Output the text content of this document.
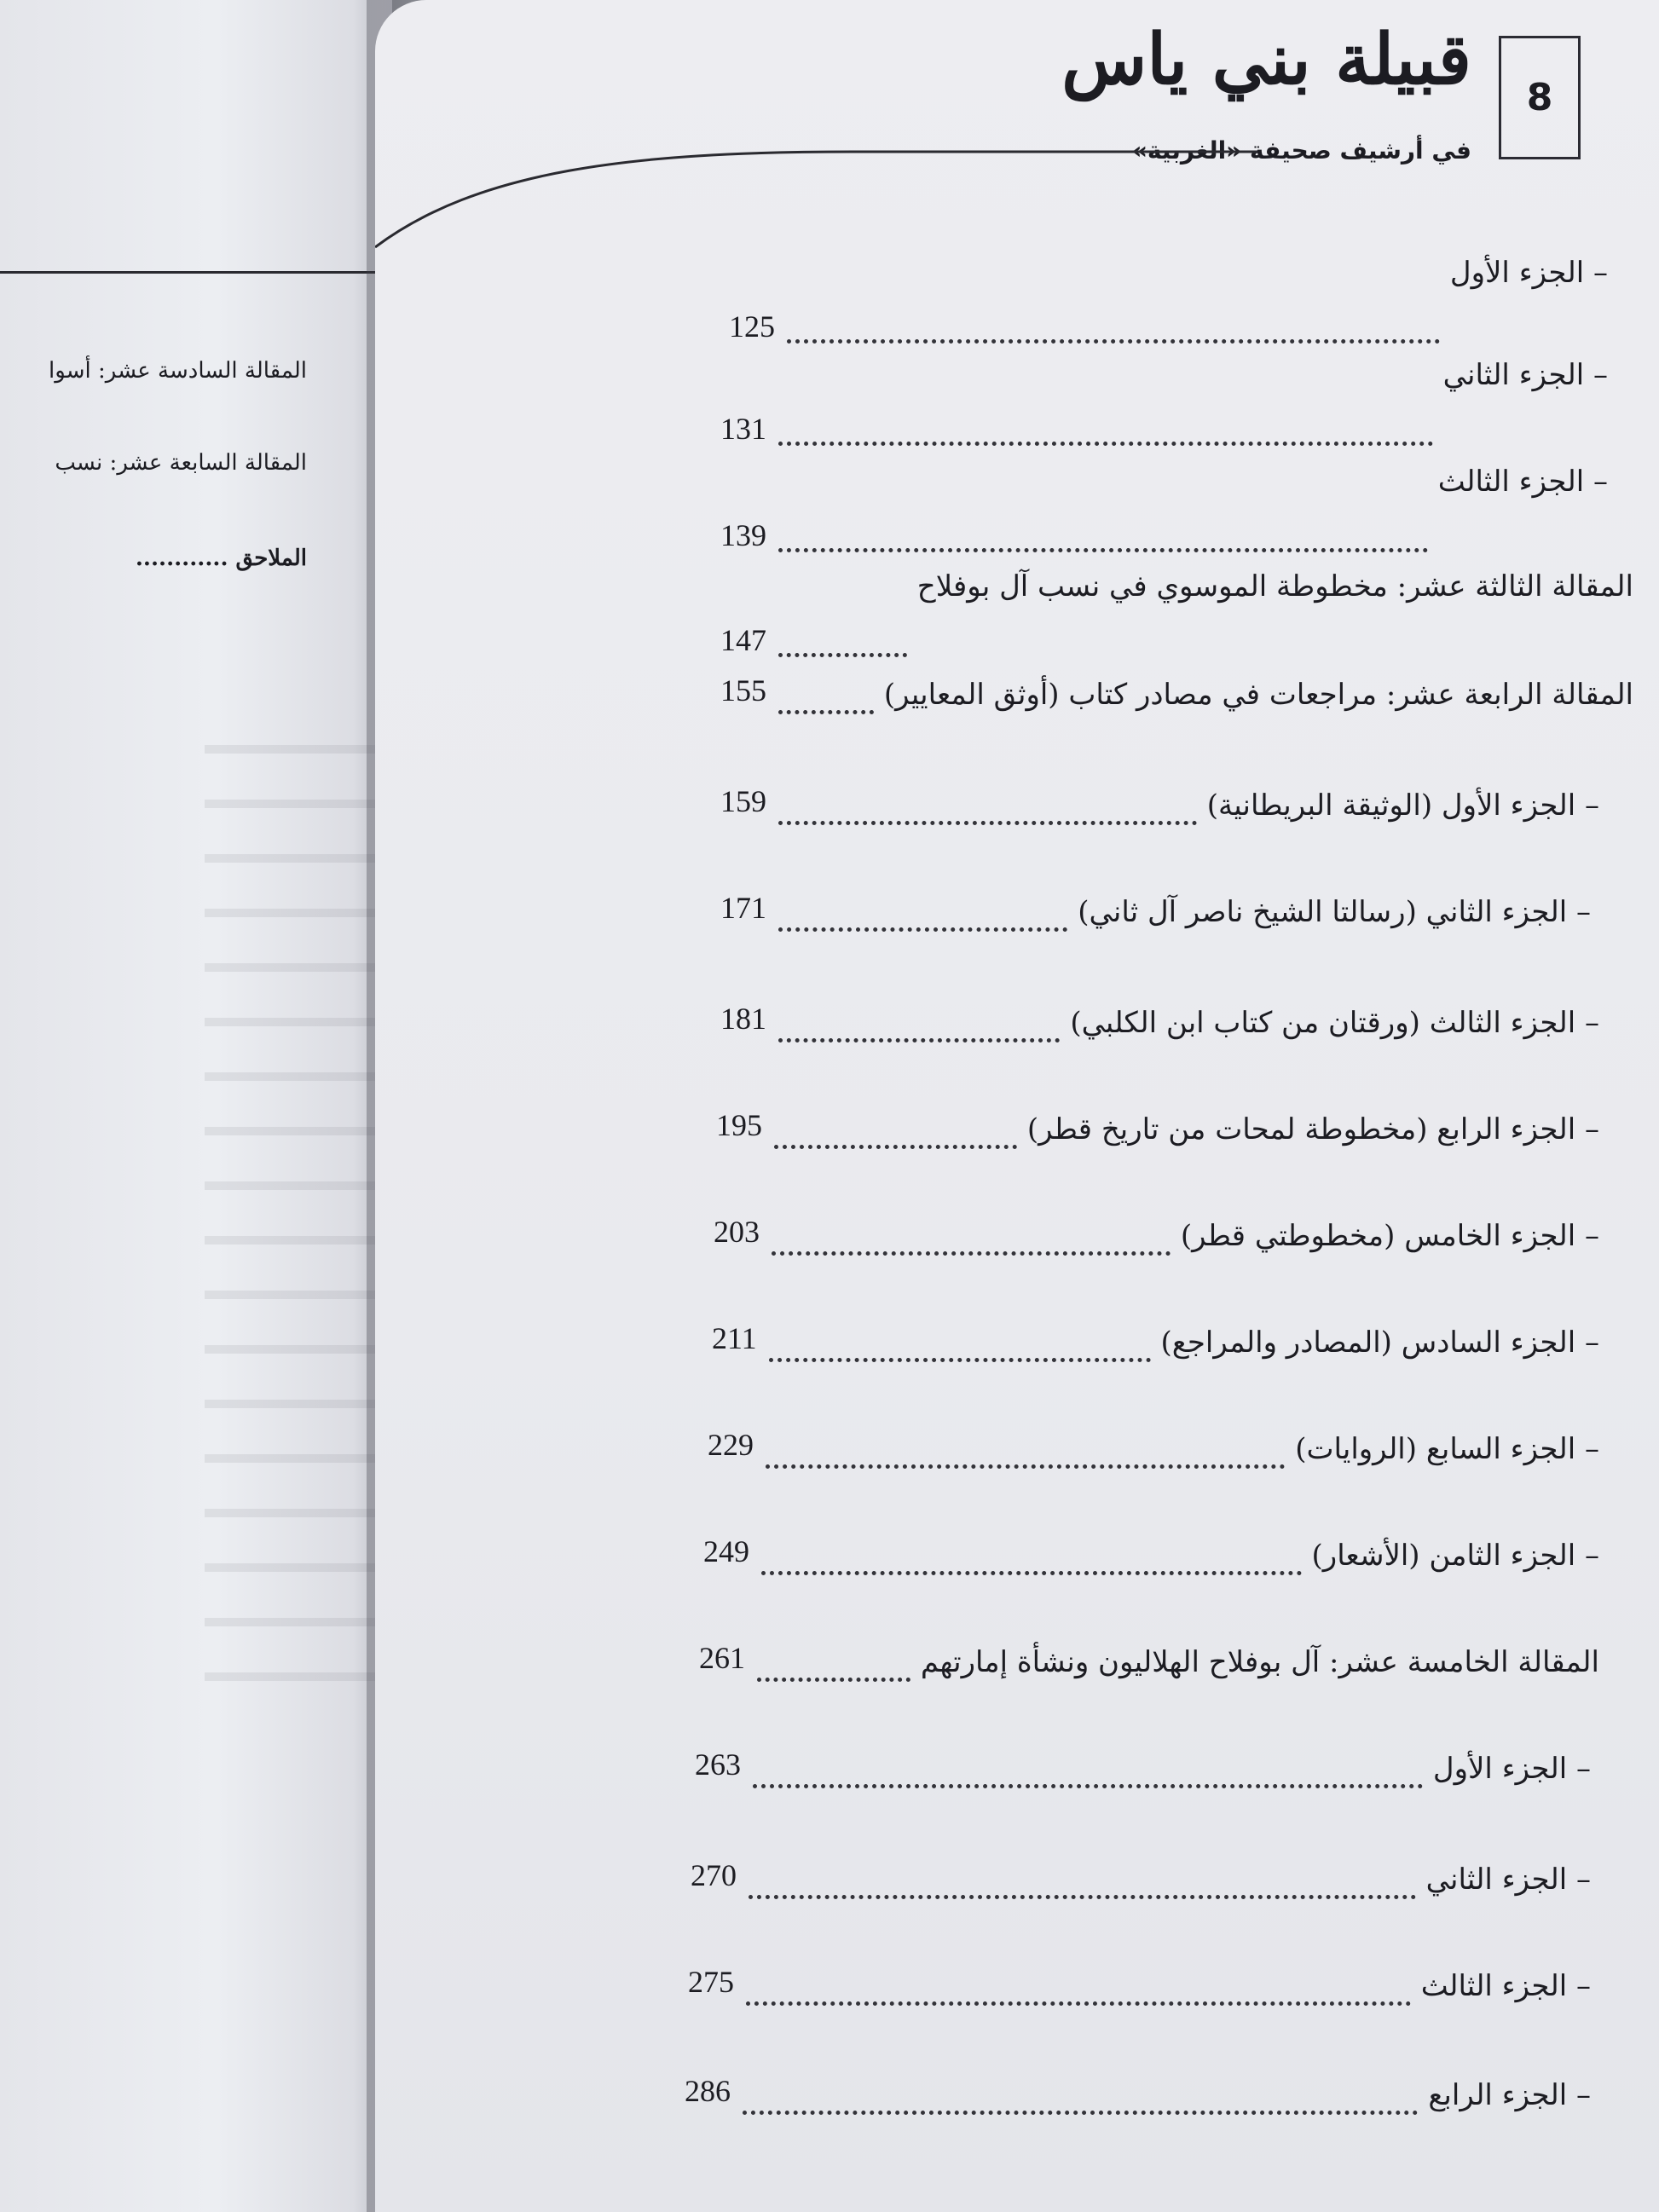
المقالة السادسة عشر: أسوا
المقالة السابعة عشر: نسب
الملاحق ............
8
قبيلة بني ياس
في أرشيف صحيفة «الغربية»
– الجزء الأول
125
– الجزء الثاني
131
– الجزء الثالث
139
المقالة الثالثة عشر: مخطوطة الموسوي في نسب آل بوفلاح
147
المقالة الرابعة عشر: مراجعات في مصادر كتاب (أوثق المعايير)
155
– الجزء الأول (الوثيقة البريطانية)
159
– الجزء الثاني (رسالتا الشيخ ناصر آل ثاني)
171
– الجزء الثالث (ورقتان من كتاب ابن الكلبي)
181
– الجزء الرابع (مخطوطة لمحات من تاريخ قطر)
195
– الجزء الخامس (مخطوطتي قطر)
203
– الجزء السادس (المصادر والمراجع)
211
– الجزء السابع (الروايات)
229
– الجزء الثامن (الأشعار)
249
المقالة الخامسة عشر: آل بوفلاح الهلاليون ونشأة إمارتهم
261
– الجزء الأول
263
– الجزء الثاني
270
– الجزء الثالث
275
– الجزء الرابع
286
